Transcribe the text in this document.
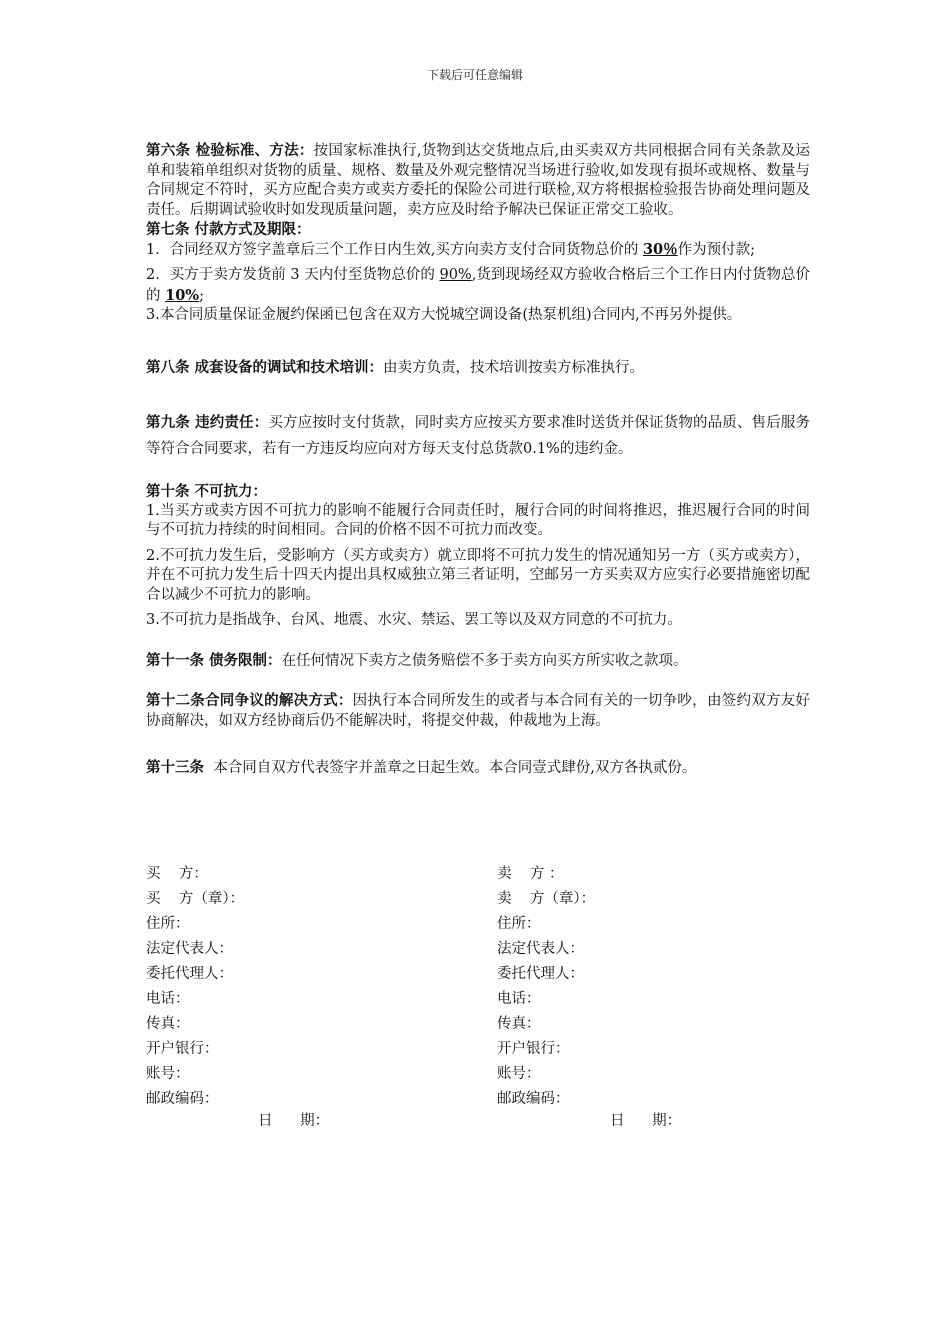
下载后可任意编辑

第六条 检验标准、方法：按国家标准执行,货物到达交货地点后,由买卖双方共同根据合同有关条款及运单和装箱单组织对货物的质量、规格、数量及外观完整情况当场进行验收,如发现有损坏或规格、数量与合同规定不符时，买方应配合卖方或卖方委托的保险公司进行联检,双方将根据检验报告协商处理问题及责任。后期调试验收时如发现质量问题，卖方应及时给予解决已保证正常交工验收。

第七条 付款方式及期限：

1．合同经双方签字盖章后三个工作日内生效,买方向卖方支付合同货物总价的 30％作为预付款;

2．买方于卖方发货前 3 天内付至货物总价的 90%,货到现场经双方验收合格后三个工作日内付货物总价的 10%;

3.本合同质量保证金履约保函已包含在双方大悦城空调设备(热泵机组)合同内,不再另外提供。

第八条 成套设备的调试和技术培训：由卖方负责，技术培训按卖方标准执行。

第九条 违约责任：买方应按时支付货款，同时卖方应按买方要求准时送货并保证货物的品质、售后服务等符合合同要求，若有一方违反均应向对方每天支付总货款0.1%的违约金。

第十条 不可抗力：

1.当买方或卖方因不可抗力的影响不能履行合同责任时，履行合同的时间将推迟，推迟履行合同的时间与不可抗力持续的时间相同。合同的价格不因不可抗力而改变。

2.不可抗力发生后，受影响方（买方或卖方）就立即将不可抗力发生的情况通知另一方（买方或卖方），并在不可抗力发生后十四天内提出具权威独立第三者证明，空邮另一方买卖双方应实行必要措施密切配合以减少不可抗力的影响。

3.不可抗力是指战争、台风、地震、水灾、禁运、罢工等以及双方同意的不可抗力。

第十一条 债务限制：在任何情况下卖方之债务赔偿不多于卖方向买方所实收之款项。

第十二条合同争议的解决方式：因执行本合同所发生的或者与本合同有关的一切争吵，由签约双方友好协商解决，如双方经协商后仍不能解决时，将提交仲裁，仲裁地为上海。

第十三条  本合同自双方代表签字并盖章之日起生效。本合同壹式肆份,双方各执贰份。

买    方：
买    方（章）：
住所：
法定代表人：
委托代理人：
电话：
传真：
开户银行：
账号：
邮政编码：
卖    方 ：
卖    方（章）：
住所：
法定代表人：
委托代理人：
电话：
传真：
开户银行：
账号：
邮政编码：
日      期：	日      期：
